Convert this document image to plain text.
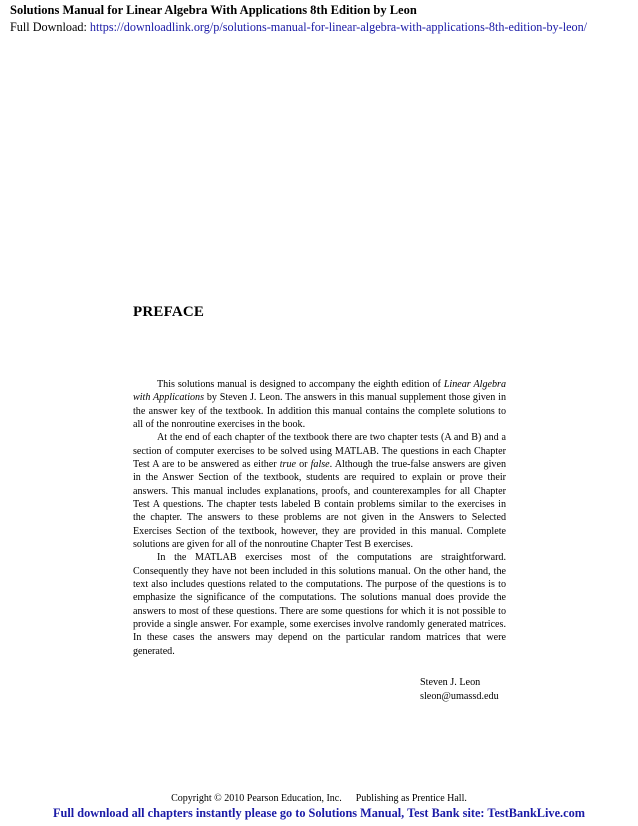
Solutions Manual for Linear Algebra With Applications 8th Edition by Leon
Full Download: https://downloadlink.org/p/solutions-manual-for-linear-algebra-with-applications-8th-edition-by-leon/
PREFACE

This solutions manual is designed to accompany the eighth edition of Linear Algebra with Applications by Steven J. Leon. The answers in this manual supplement those given in the answer key of the textbook. In addition this manual contains the complete solutions to all of the nonroutine exercises in the book.

At the end of each chapter of the textbook there are two chapter tests (A and B) and a section of computer exercises to be solved using MATLAB. The questions in each Chapter Test A are to be answered as either true or false. Although the true-false answers are given in the Answer Section of the textbook, students are required to explain or prove their answers. This manual includes explanations, proofs, and counterexamples for all Chapter Test A questions. The chapter tests labeled B contain problems similar to the exercises in the chapter. The answers to these problems are not given in the Answers to Selected Exercises Section of the textbook, however, they are provided in this manual. Complete solutions are given for all of the nonroutine Chapter Test B exercises.

In the MATLAB exercises most of the computations are straightforward. Consequently they have not been included in this solutions manual. On the other hand, the text also includes questions related to the computations. The purpose of the questions is to emphasize the significance of the computations. The solutions manual does provide the answers to most of these questions. There are some questions for which it is not possible to provide a single answer. For example, some exercises involve randomly generated matrices. In these cases the answers may depend on the particular random matrices that were generated.

Steven J. Leon
sleon@umassd.edu
Copyright © 2010 Pearson Education, Inc. Publishing as Prentice Hall.
Full download all chapters instantly please go to Solutions Manual, Test Bank site: TestBankLive.com
